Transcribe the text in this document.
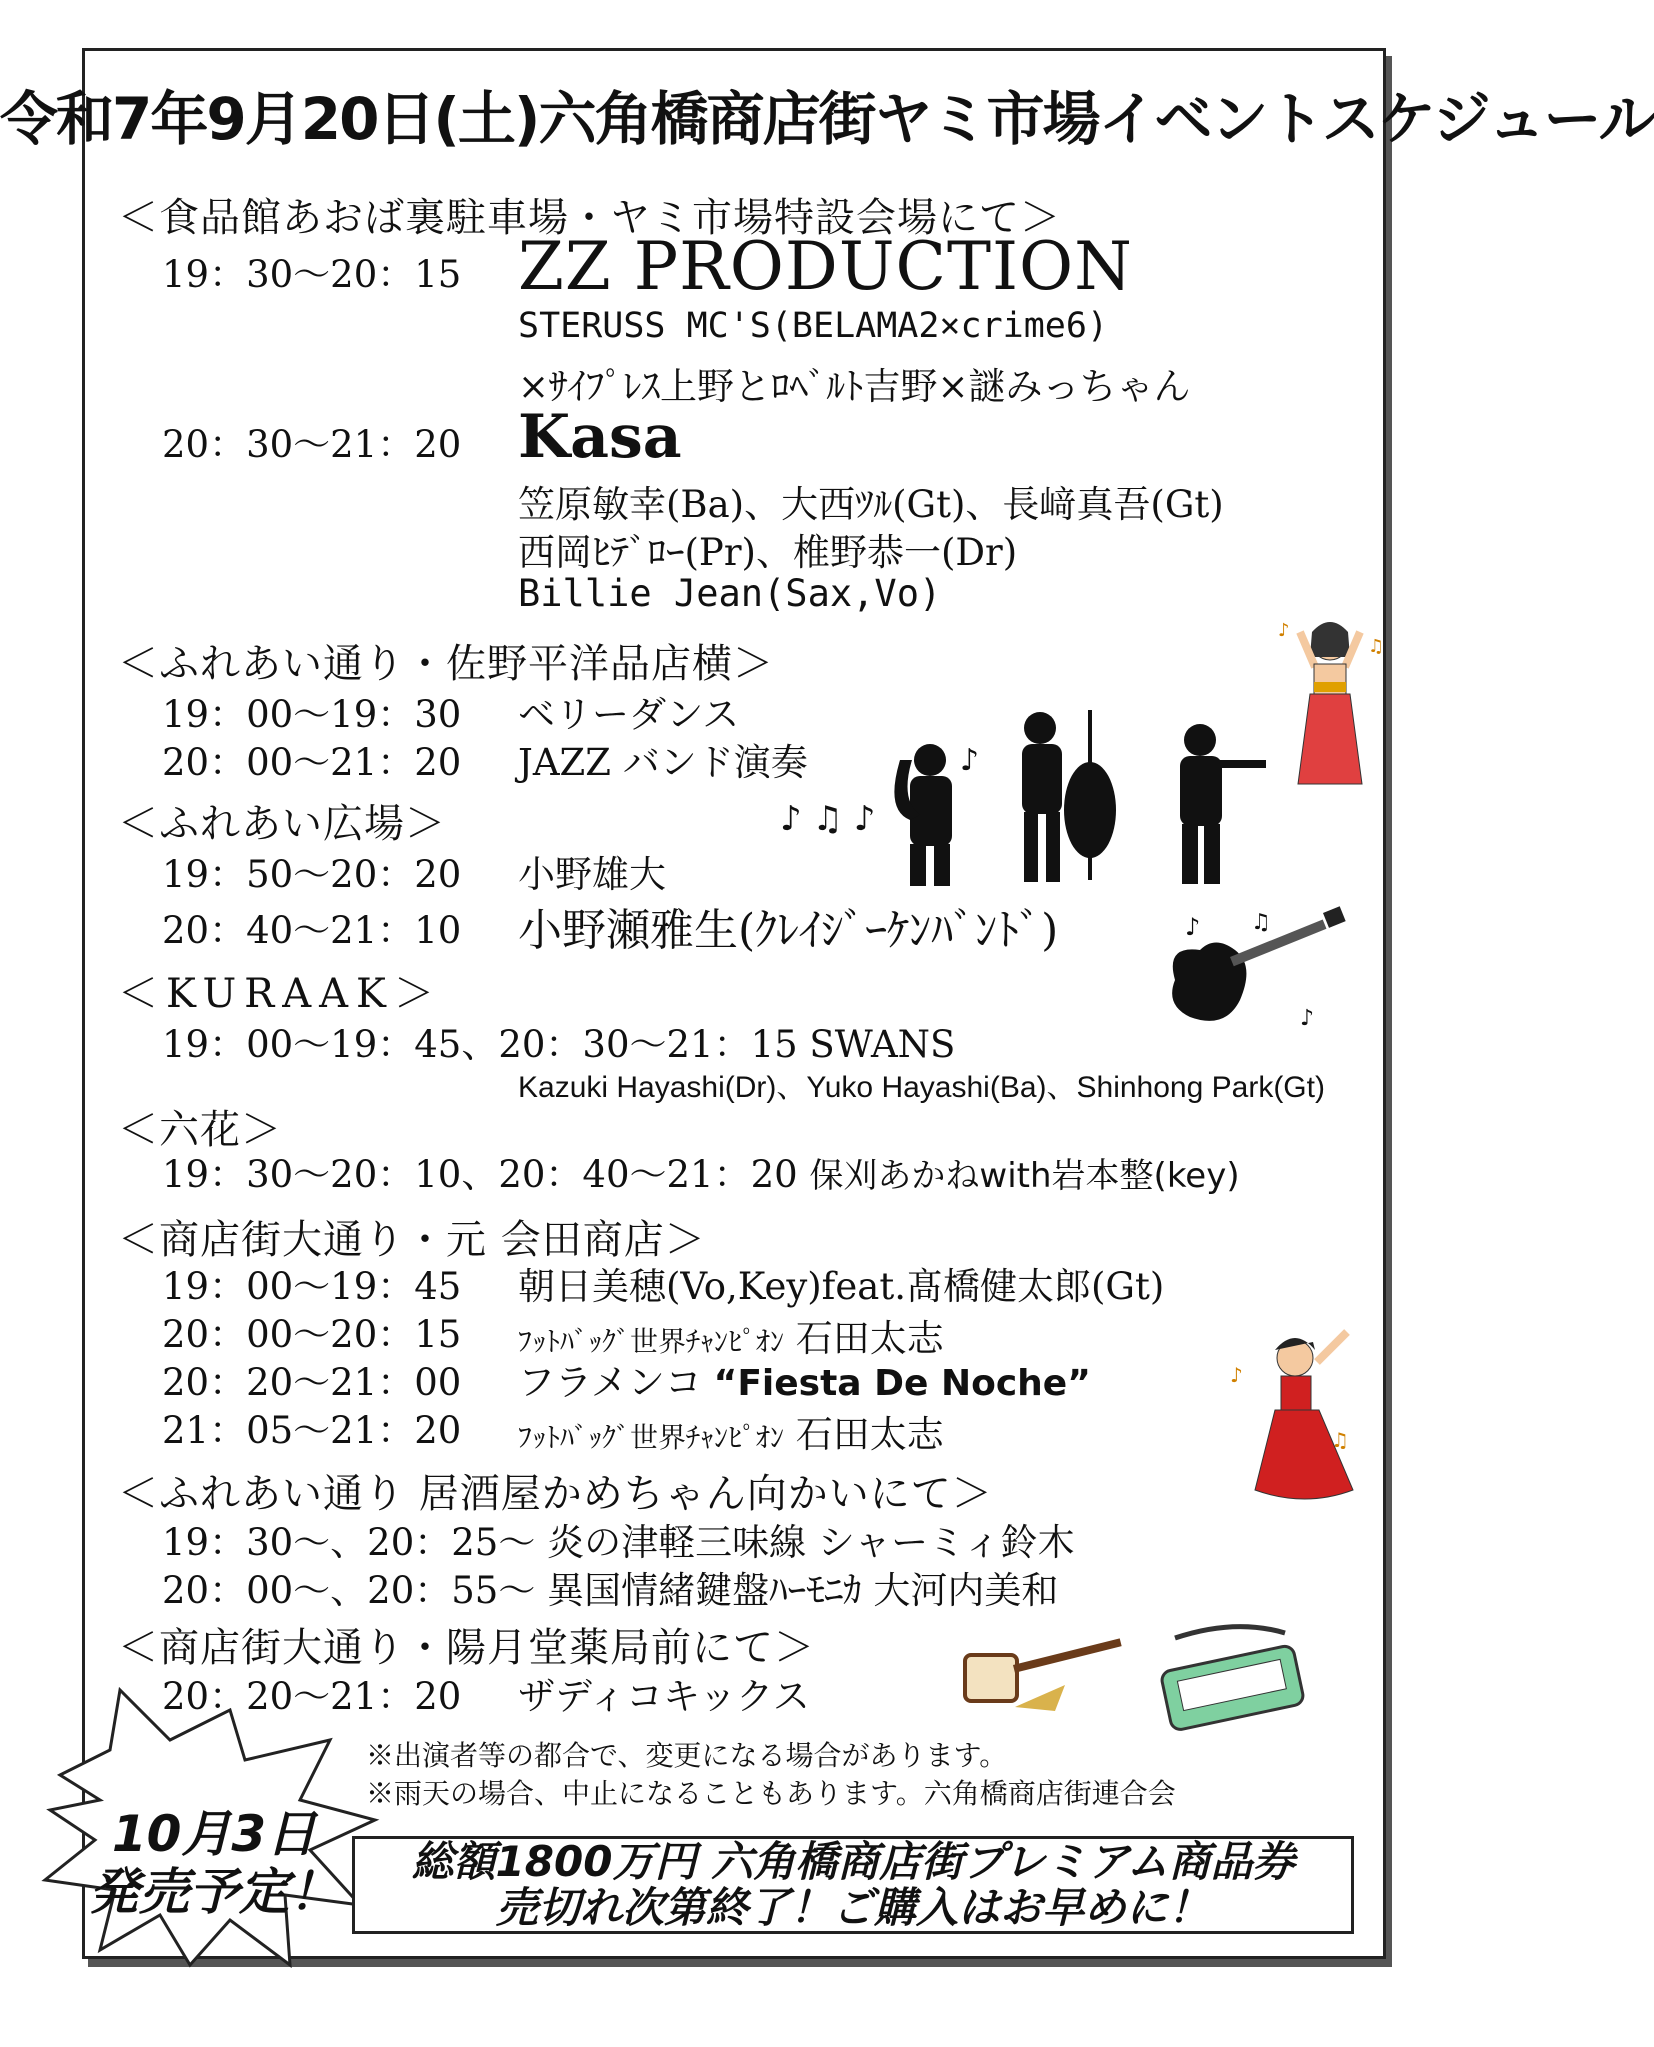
令和7年9月20日(土)六角橋商店街ヤミ市場イベントスケジュール
＜食品館あおば裏駐車場・ヤミ市場特設会場にて＞
19：30～20：15 ZZ PRODUCTION
STERUSS MC'S(BELAMA2×crime6)
×ｻｲﾌﾟﾚｽ上野とﾛﾍﾞﾙﾄ吉野×謎みっちゃん
20：30～21：20 Kasa
笠原敏幸(Ba)、大西ﾂﾙ(Gt)、長﨑真吾(Gt)
西岡ﾋﾃﾞﾛｰ(Pr)、椎野恭一(Dr)
Billie Jean(Sax,Vo)
＜ふれあい通り・佐野平洋品店横＞
19：00～19：30 ベリーダンス
20：00～21：20 JAZZ バンド演奏
＜ふれあい広場＞
19：50～20：20 小野雄大
20：40～21：10 小野瀬雅生(ｸﾚｲｼﾞｰｹﾝﾊﾞﾝﾄﾞ)
＜KURAAK＞
19：00～19：45、20：30～21：15 SWANS
Kazuki Hayashi(Dr)、Yuko Hayashi(Ba)、Shinhong Park(Gt)
＜六花＞
19：30～20：10、20：40～21：20 保刈あかねwith岩本整(key)
＜商店街大通り・元 会田商店＞
19：00～19：45 朝日美穂(Vo,Key)feat.髙橋健太郎(Gt)
20：00～20：15 ﾌｯﾄﾊﾞｯｸﾞ世界ﾁｬﾝﾋﾟｵﾝ 石田太志
20：20～21：00 フラメンコ “Fiesta De Noche”
21：05～21：20 ﾌｯﾄﾊﾞｯｸﾞ世界ﾁｬﾝﾋﾟｵﾝ 石田太志
＜ふれあい通り 居酒屋かめちゃん向かいにて＞
19：30～、20：25～ 炎の津軽三味線 シャーミィ鈴木
20：00～、20：55～ 異国情緒鍵盤ﾊｰﾓﾆｶ 大河内美和
＜商店街大通り・陽月堂薬局前にて＞
20：20～21：20 ザディコキックス
※出演者等の都合で、変更になる場合があります。
※雨天の場合、中止になることもあります。六角橋商店街連合会
10月3日
発売予定！
総額1800万円 六角橋商店街プレミアム商品券
売切れ次第終了！ご購入はお早めに！
♪
♫
♪ ♫ ♪
♪
♪ ♫
♪
♪
♫
